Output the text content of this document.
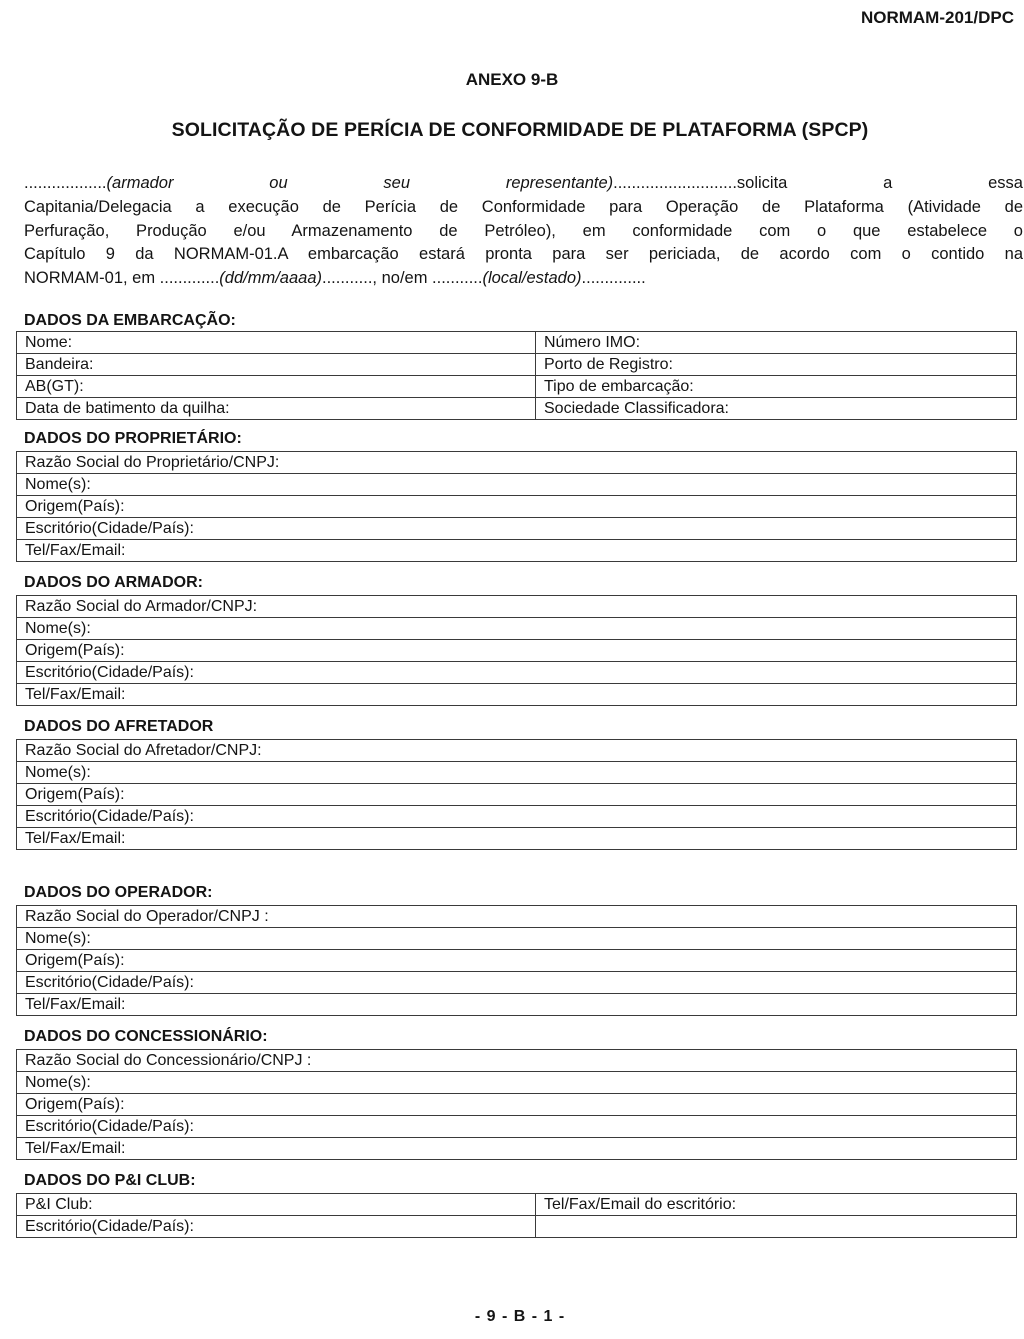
NORMAM-201/DPC
ANEXO 9-B
SOLICITAÇÃO DE PERÍCIA DE CONFORMIDADE DE PLATAFORMA (SPCP)
..................(armador ou seu representante)...........................solicita a essa
Capitania/Delegacia a execução de Perícia de Conformidade para Operação de Plataforma (Atividade de
Perfuração, Produção e/ou Armazenamento de Petróleo), em conformidade com o que estabelece o
Capítulo 9 da NORMAM-01.A embarcação estará pronta para ser periciada, de acordo com o contido na
NORMAM-01, em .............(dd/mm/aaaa)..........., no/em ...........(local/estado)..............
DADOS DA EMBARCAÇÃO:
Nome:	Número IMO:
Bandeira:	Porto de Registro:
AB(GT):	Tipo de embarcação:
Data de batimento da quilha:	Sociedade Classificadora:
DADOS DO PROPRIETÁRIO:
Razão Social do Proprietário/CNPJ:
Nome(s):
Origem(País):
Escritório(Cidade/País):
Tel/Fax/Email:
DADOS DO ARMADOR:
Razão Social do Armador/CNPJ:
Nome(s):
Origem(País):
Escritório(Cidade/País):
Tel/Fax/Email:
DADOS DO AFRETADOR
Razão Social do Afretador/CNPJ:
Nome(s):
Origem(País):
Escritório(Cidade/País):
Tel/Fax/Email:
DADOS DO OPERADOR:
Razão Social do Operador/CNPJ :
Nome(s):
Origem(País):
Escritório(Cidade/País):
Tel/Fax/Email:
DADOS DO CONCESSIONÁRIO:
Razão Social do Concessionário/CNPJ :
Nome(s):
Origem(País):
Escritório(Cidade/País):
Tel/Fax/Email:
DADOS DO P&I CLUB:
P&I Club:	Tel/Fax/Email do escritório:
Escritório(Cidade/País):	
- 9 - B - 1 -
